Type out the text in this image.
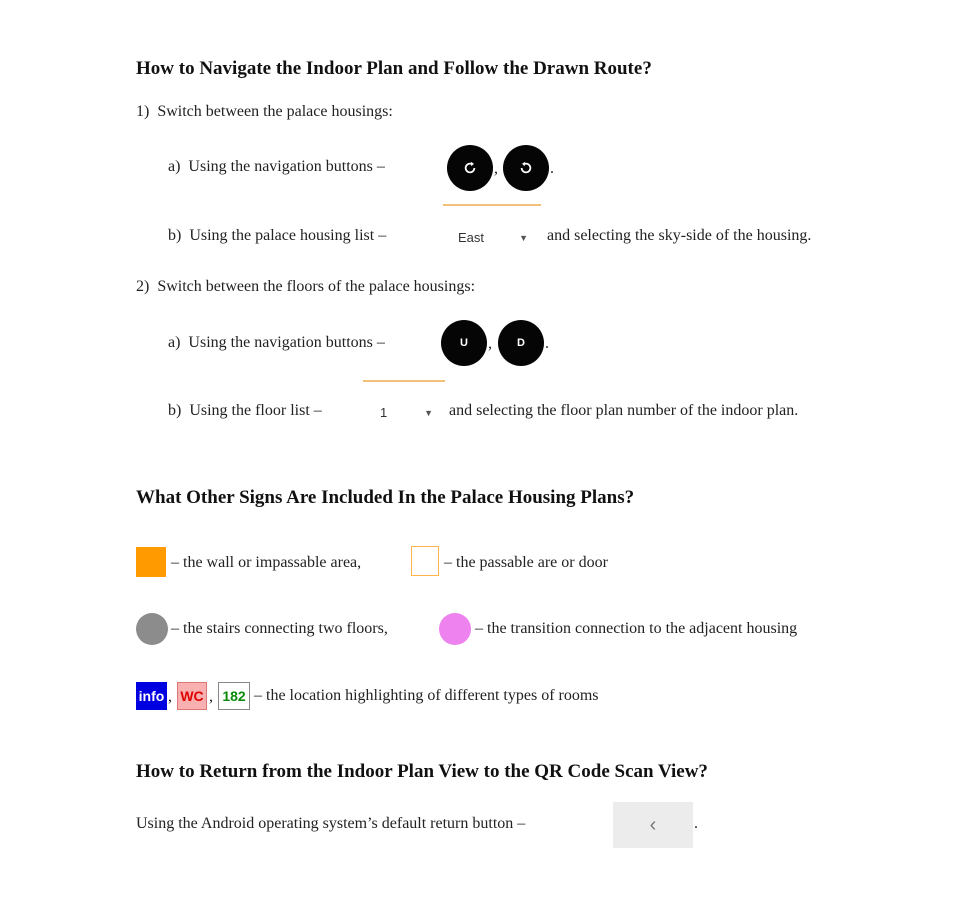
How to Navigate the Indoor Plan and Follow the Drawn Route?
1) Switch between the palace housings:
a) Using the navigation buttons –	,	.
b) Using the palace housing list –	East	▼ and selecting the sky-side of the housing.
2) Switch between the floors of the palace housings:
a) Using the navigation buttons –	U , D .
b) Using the floor list –	1	▼ and selecting the floor plan number of the indoor plan.
What Other Signs Are Included In the Palace Housing Plans?
– the wall or impassable area,	– the passable are or door
– the stairs connecting two floors,	– the transition connection to the adjacent housing
info , WC , 182 – the location highlighting of different types of rooms
How to Return from the Indoor Plan View to the QR Code Scan View?
Using the Android operating system’s default return button –	‹ .
